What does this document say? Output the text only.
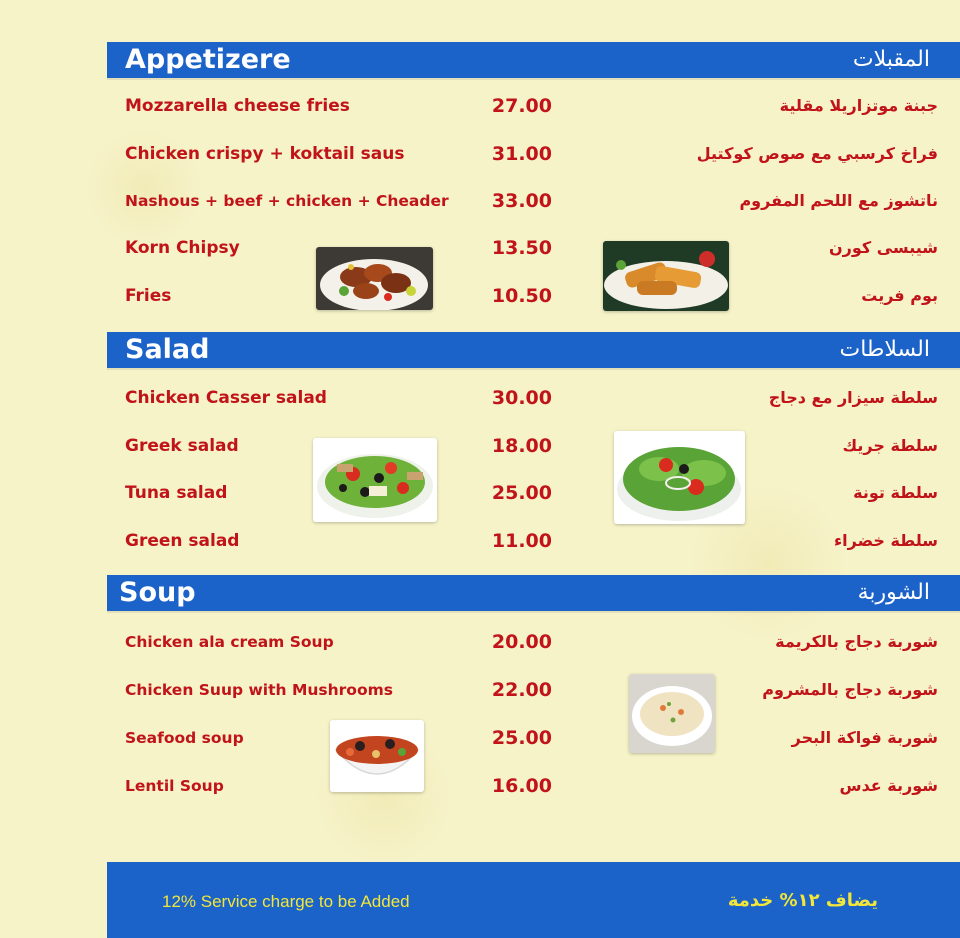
Appetizere	المقبلات
Mozzarella cheese fries	27.00	جبنة موتزاريلا مقلية
Chicken crispy + koktail saus	31.00	فراخ كرسبي مع صوص كوكتيل
Nashous + beef + chicken + Cheader	33.00	ناتشوز مع اللحم المفروم
Korn Chipsy	13.50	شيبسى كورن
Fries	10.50	بوم فريت
Salad	السلاطات
Chicken Casser salad	30.00	سلطة سيزار مع دجاج
Greek salad	18.00	سلطة جريك
Tuna salad	25.00	سلطة تونة
Green salad	11.00	سلطة خضراء
Soup	الشوربة
Chicken ala cream Soup	20.00	شوربة دجاج بالكريمة
Chicken Suup with Mushrooms	22.00	شوربة دجاج بالمشروم
Seafood soup	25.00	شوربة فواكة البحر
Lentil Soup	16.00	شوربة عدس
12% Service charge to be Added	يضاف ١٢% خدمة
